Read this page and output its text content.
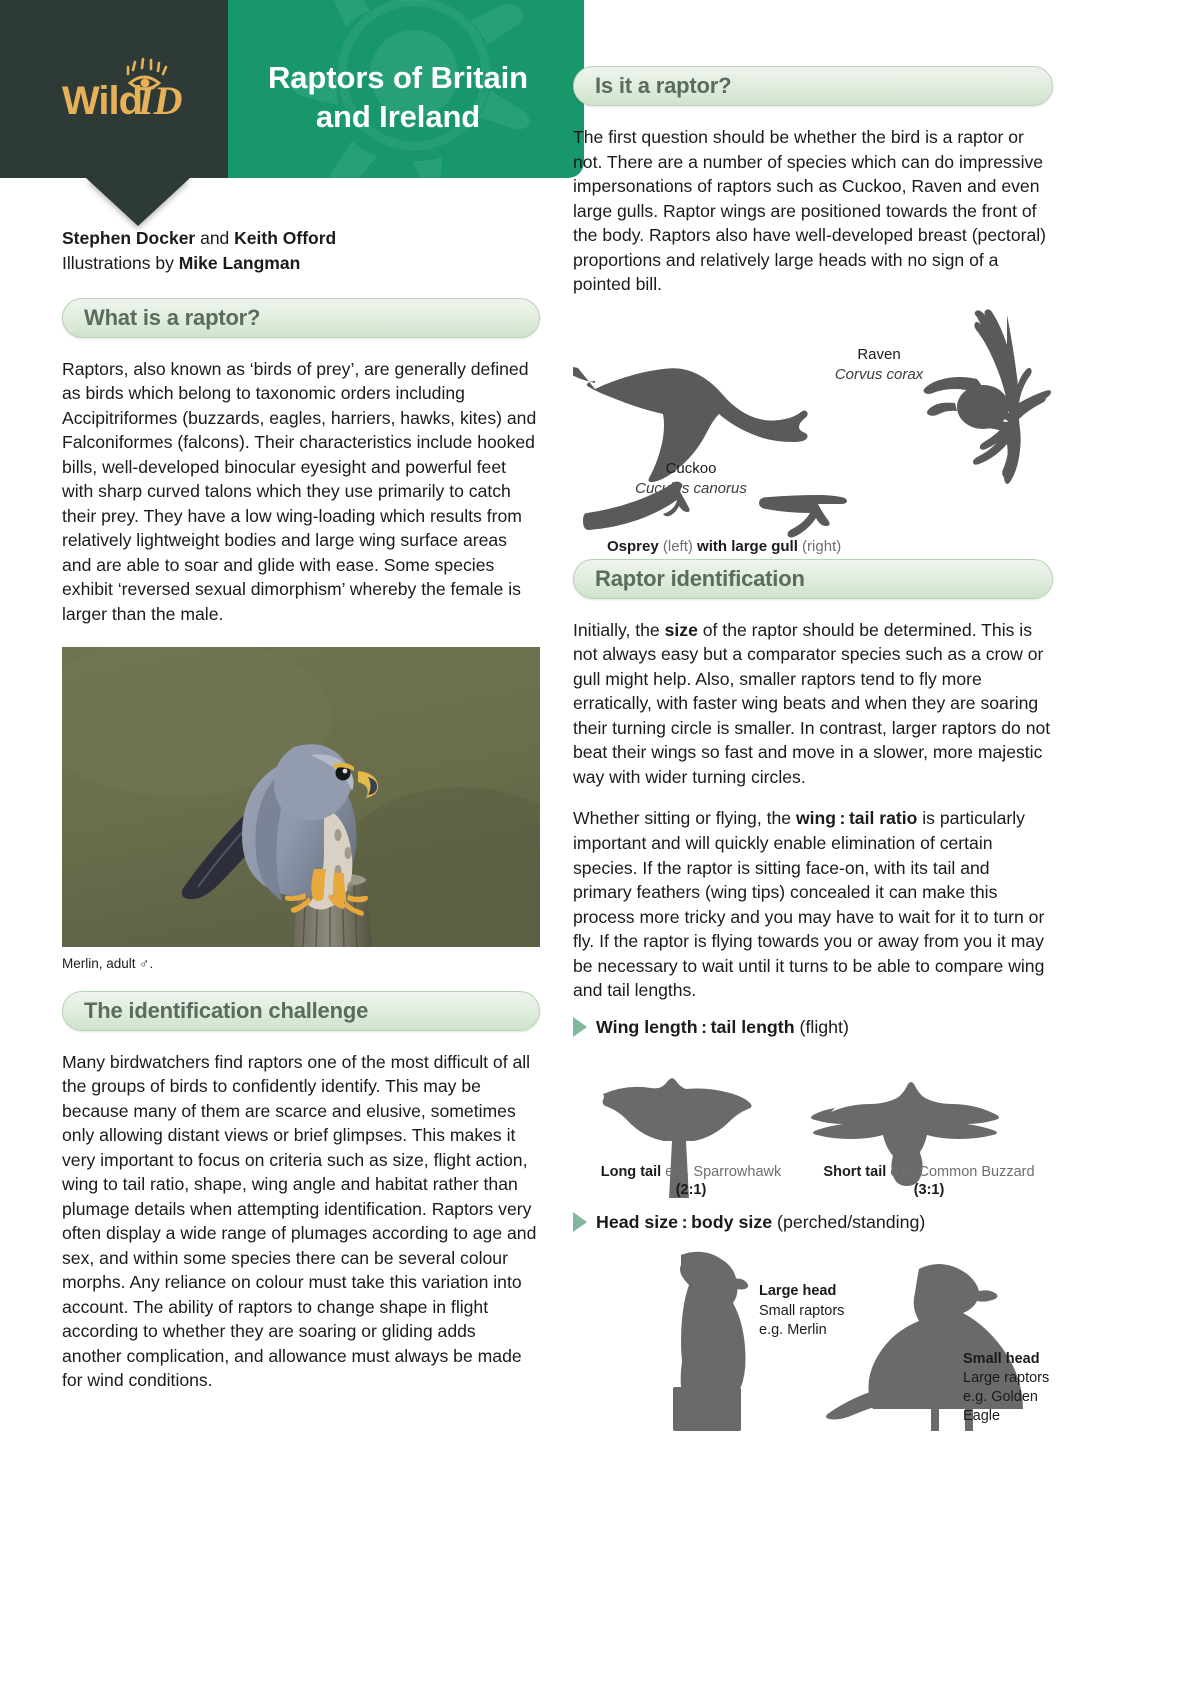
Wild
ID
Raptors of Britain
and Ireland
Stephen Docker and Keith Offord
Illustrations by Mike Langman
What is a raptor?

Raptors, also known as ‘birds of prey’, are generally defined as birds which belong to taxonomic orders including Accipitriformes (buzzards, eagles, harriers, hawks, kites) and Falconiformes (falcons). Their characteristics include hooked bills, well-developed binocular eyesight and powerful feet with sharp curved talons which they use primarily to catch their prey. They have a low wing-loading which results from relatively lightweight bodies and large wing surface areas and are able to soar and glide with ease. Some species exhibit ‘reversed sexual dimorphism’ whereby the female is larger than the male.

Merlin, adult ♂.
The identification challenge

Many birdwatchers find raptors one of the most difficult of all the groups of birds to confidently identify. This may be because many of them are scarce and elusive, sometimes only allowing distant views or brief glimpses. This makes it very important to focus on criteria such as size, flight action, wing to tail ratio, shape, wing angle and habitat rather than plumage details when attempting identification. Raptors very often display a wide range of plumages according to age and sex, and within some species there can be several colour morphs. Any reliance on colour must take this variation into account. The ability of raptors to change shape in flight according to whether they are soaring or gliding adds another complication, and allowance must always be made for wind conditions.

Is it a raptor?

The first question should be whether the bird is a raptor or not. There are a number of species which can do impressive impersonations of raptors such as Cuckoo, Raven and even large gulls. Raptor wings are positioned towards the front of the body. Raptors also have well-developed breast (pectoral) proportions and relatively large heads with no sign of a pointed bill.

Cuckoo
Cuculus canorus
Raven
Corvus corax
Osprey (left) with large gull (right)
Raptor identification

Initially, the size of the raptor should be determined. This is not always easy but a comparator species such as a crow or gull might help. Also, smaller raptors tend to fly more erratically, with faster wing beats and when they are soaring their turning circle is smaller. In contrast, larger raptors do not beat their wings so fast and move in a slower, more majestic way with wider turning circles.

Whether sitting or flying, the wing : tail ratio is particularly important and will quickly enable elimination of certain species. If the raptor is sitting face-on, with its tail and primary feathers (wing tips) concealed it can make this process more tricky and you may have to wait for it to turn or fly. If the raptor is flying towards you or away from you it may be necessary to wait until it turns to be able to compare wing and tail lengths.

Wing length : tail length (flight)
Long tail e.g. Sparrowhawk
(2:1)
Short tail e.g. Common Buzzard
(3:1)
Head size : body size (perched/standing)
Large head
Small raptors
e.g. Merlin
Small head
Large raptors
e.g. Golden
Eagle
